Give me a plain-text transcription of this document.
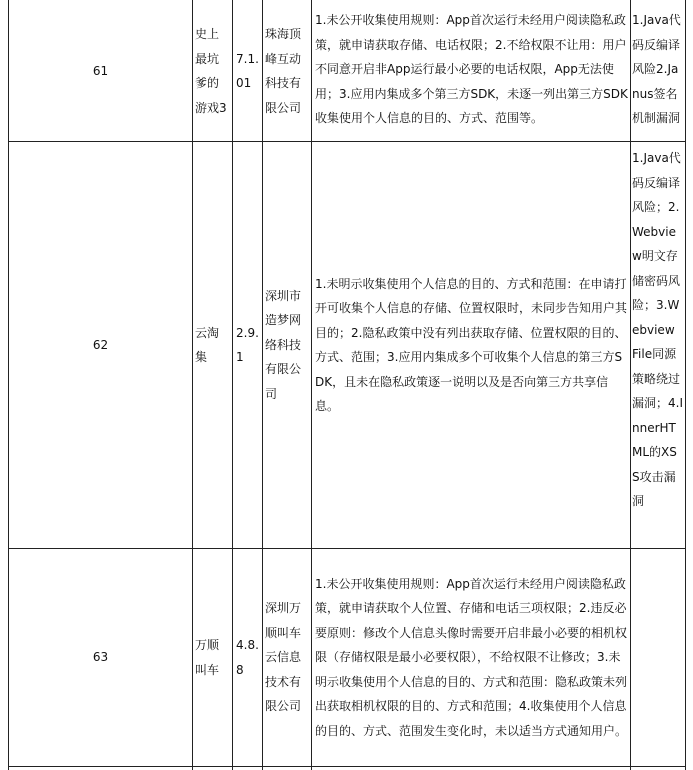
61
史上最坑爹的游戏3
7.1.01
珠海顶峰互动科技有限公司
1.未公开收集使用规则：App首次运行未经用户阅读隐私政策，就申请获取存储、电话权限；2.不给权限不让用：用户不同意开启非App运行最小必要的电话权限，App无法使用；3.应用内集成多个第三方SDK，未逐一列出第三方SDK收集使用个人信息的目的、方式、范围等。
1.Java代码反编译风险2.Janus签名机制漏洞
62
云淘集
2.9.1
深圳市造梦网络科技有限公司
1.未明示收集使用个人信息的目的、方式和范围：在申请打开可收集个人信息的存储、位置权限时，未同步告知用户其目的；2.隐私政策中没有列出获取存储、位置权限的目的、方式、范围；3.应用内集成多个可收集个人信息的第三方SDK，且未在隐私政策逐一说明以及是否向第三方共享信息。
1.Java代码反编译风险；2.Webview明文存储密码风险；3.Webview File同源策略绕过漏洞；4.InnerHTML的XSS攻击漏洞
63
万顺叫车
4.8.8
深圳万顺叫车云信息技术有限公司
1.未公开收集使用规则：App首次运行未经用户阅读隐私政策，就申请获取个人位置、存储和电话三项权限；2.违反必要原则：修改个人信息头像时需要开启非最小必要的相机权限（存储权限是最小必要权限），不给权限不让修改；3.未明示收集使用个人信息的目的、方式和范围：隐私政策未列出获取相机权限的目的、方式和范围；4.收集使用个人信息的目的、方式、范围发生变化时，未以适当方式通知用户。
